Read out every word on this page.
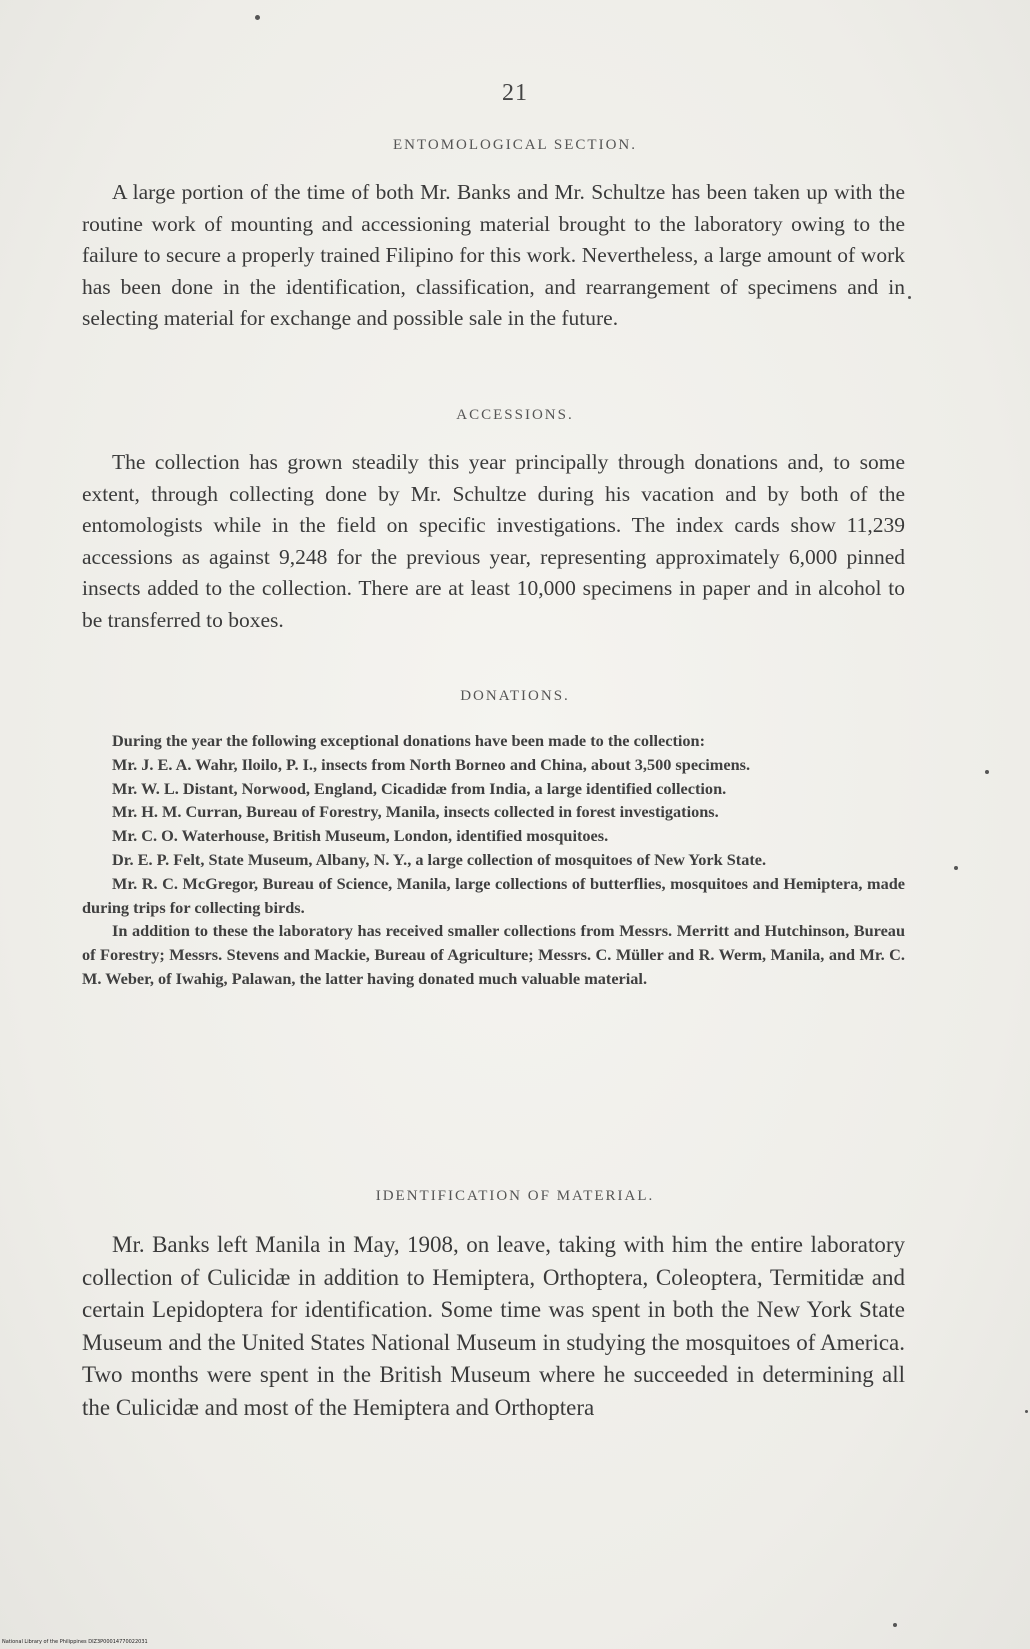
21
ENTOMOLOGICAL SECTION.

A large portion of the time of both Mr. Banks and Mr. Schultze has been taken up with the routine work of mounting and accessioning material brought to the laboratory owing to the failure to secure a properly trained Filipino for this work. Nevertheless, a large amount of work has been done in the identification, classification, and rearrangement of specimens and in selecting material for exchange and possible sale in the future.

ACCESSIONS.

The collection has grown steadily this year principally through donations and, to some extent, through collecting done by Mr. Schultze during his vacation and by both of the entomologists while in the field on specific investigations. The index cards show 11,239 accessions as against 9,248 for the previous year, representing approximately 6,000 pinned insects added to the collection. There are at least 10,000 specimens in paper and in alcohol to be transferred to boxes.

DONATIONS.

During the year the following exceptional donations have been made to the collection:

Mr. J. E. A. Wahr, Iloilo, P. I., insects from North Borneo and China, about 3,500 specimens.

Mr. W. L. Distant, Norwood, England, Cicadidæ from India, a large identified collection.

Mr. H. M. Curran, Bureau of Forestry, Manila, insects collected in forest investigations.

Mr. C. O. Waterhouse, British Museum, London, identified mosquitoes.

Dr. E. P. Felt, State Museum, Albany, N. Y., a large collection of mosquitoes of New York State.

Mr. R. C. McGregor, Bureau of Science, Manila, large collections of butterflies, mosquitoes and Hemiptera, made during trips for collecting birds.

In addition to these the laboratory has received smaller collections from Messrs. Merritt and Hutchinson, Bureau of Forestry; Messrs. Stevens and Mackie, Bureau of Agriculture; Messrs. C. Müller and R. Werm, Manila, and Mr. C. M. Weber, of Iwahig, Palawan, the latter having donated much valuable material.

IDENTIFICATION OF MATERIAL.

Mr. Banks left Manila in May, 1908, on leave, taking with him the entire laboratory collection of Culicidæ in addition to Hemiptera, Orthoptera, Coleoptera, Termitidæ and certain Lepidoptera for identification. Some time was spent in both the New York State Museum and the United States National Museum in studying the mosquitoes of America. Two months were spent in the British Museum where he succeeded in determining all the Culicidæ and most of the Hemiptera and Orthoptera

National Library of the Philippines DIZ3P00014770022031
